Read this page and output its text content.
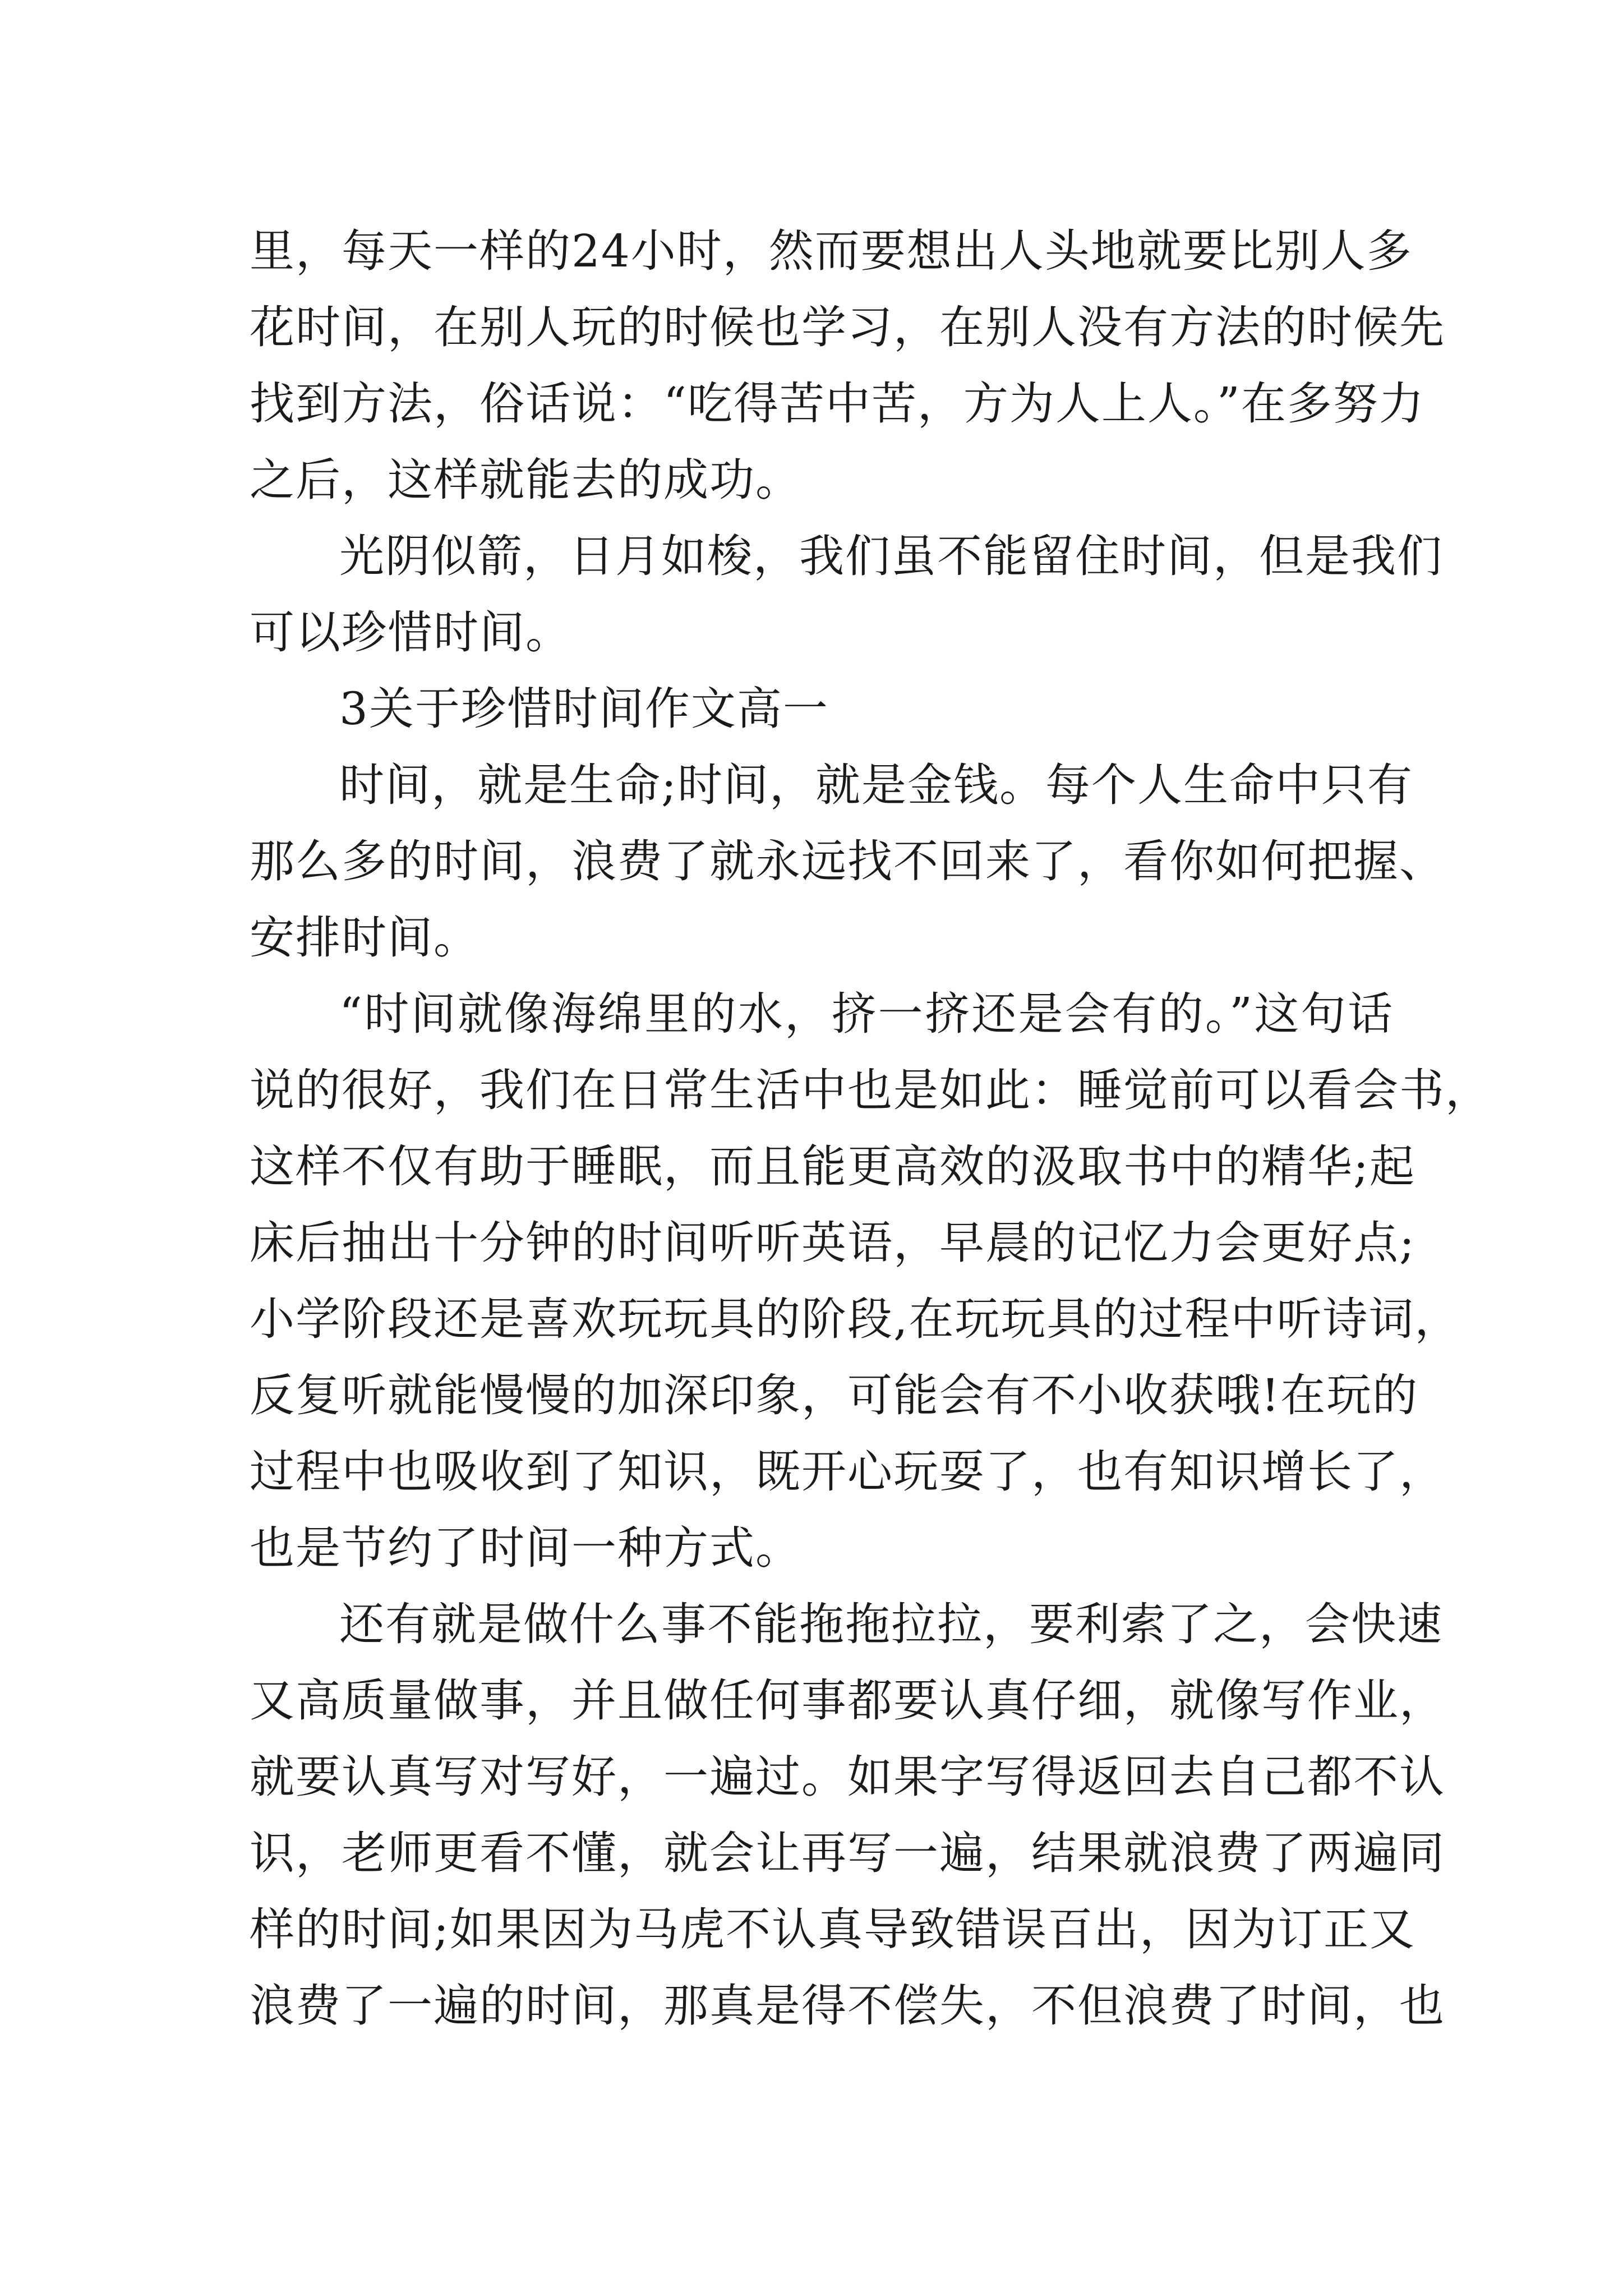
里，每天一样的24小时，然而要想出人头地就要比别人多
花时间，在别人玩的时候也学习，在别人没有方法的时候先
找到方法，俗话说：“吃得苦中苦，方为人上人。”在多努力
之后，这样就能去的成功。
光阴似箭，日月如梭，我们虽不能留住时间，但是我们
可以珍惜时间。
3关于珍惜时间作文高一
时间，就是生命;时间，就是金钱。每个人生命中只有
那么多的时间，浪费了就永远找不回来了，看你如何把握、
安排时间。
“时间就像海绵里的水，挤一挤还是会有的。”这句话
说的很好，我们在日常生活中也是如此：睡觉前可以看会书，
这样不仅有助于睡眠，而且能更高效的汲取书中的精华;起
床后抽出十分钟的时间听听英语，早晨的记忆力会更好点;
小学阶段还是喜欢玩玩具的阶段,在玩玩具的过程中听诗词，
反复听就能慢慢的加深印象，可能会有不小收获哦!在玩的
过程中也吸收到了知识，既开心玩耍了，也有知识增长了，
也是节约了时间一种方式。
还有就是做什么事不能拖拖拉拉，要利索了之，会快速
又高质量做事，并且做任何事都要认真仔细，就像写作业，
就要认真写对写好，一遍过。如果字写得返回去自己都不认
识，老师更看不懂，就会让再写一遍，结果就浪费了两遍同
样的时间;如果因为马虎不认真导致错误百出，因为订正又
浪费了一遍的时间，那真是得不偿失，不但浪费了时间，也
